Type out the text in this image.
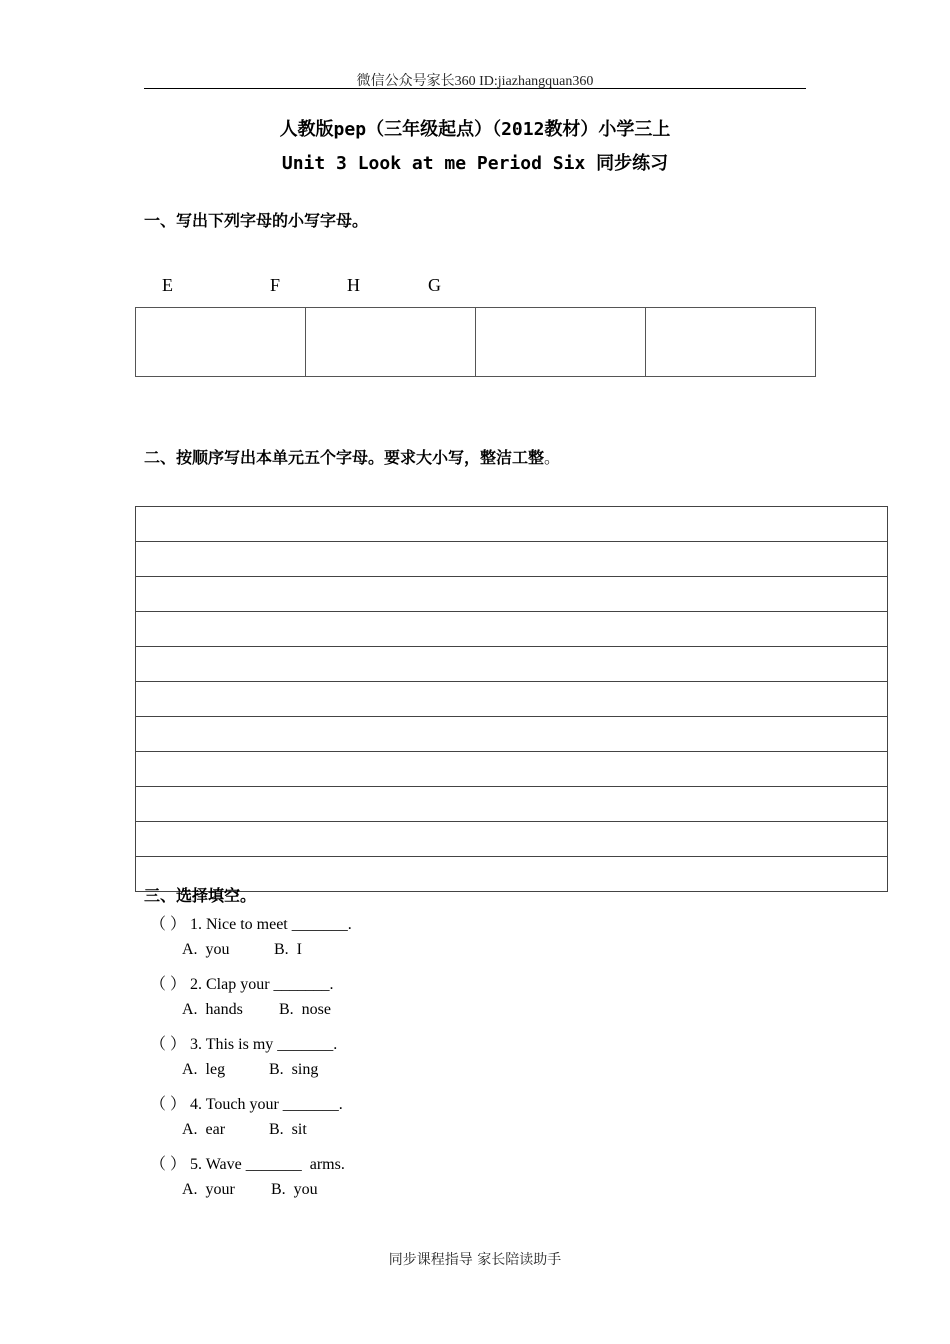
微信公众号家长360 ID:jiazhangquan360
人教版pep（三年级起点）（2012教材）小学三上
Unit 3 Look at me Period Six 同步练习
一、写出下列字母的小写字母。
E	F	H	G

二、按顺序写出本单元五个字母。要求大小写，整洁工整。

三、选择填空。
（ ） 1. Nice to meet _______.
A.  you	B.  I
（ ） 2. Clap your _______.
A.  hands B.  nose
（ ） 3. This is my _______.
A.  leg	B.  sing
（ ） 4. Touch your _______.
A.  ear	B.  sit
（ ） 5. Wave _______  arms.
A.  your B.  you
同步课程指导 家长陪读助手
